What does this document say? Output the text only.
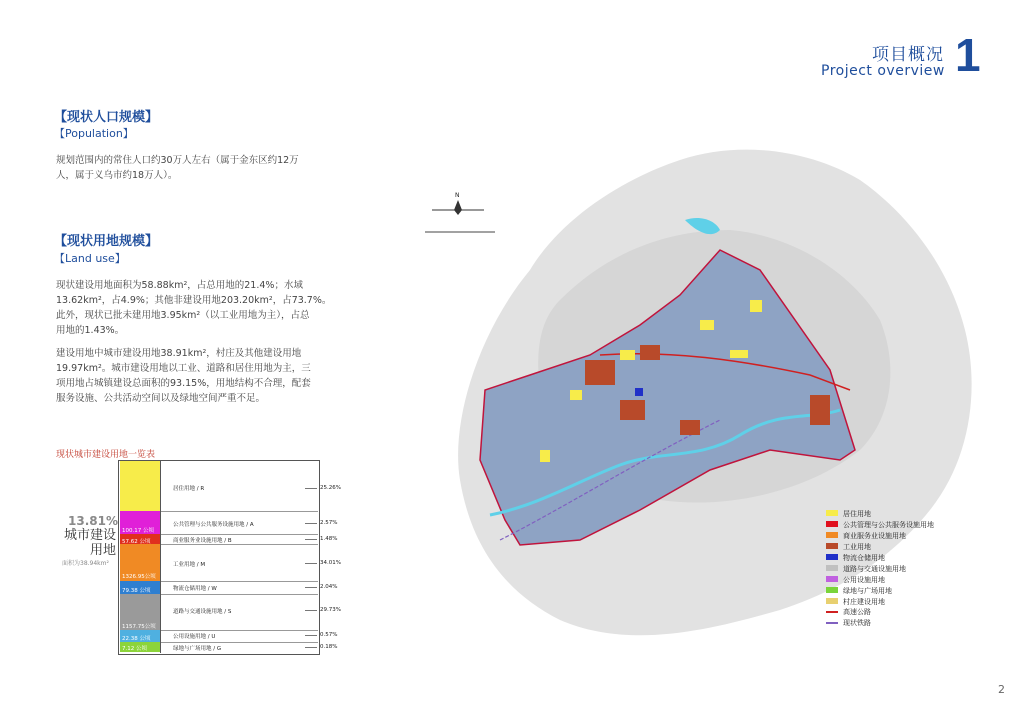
项目概况
Project overview 1
【现状人口规模】
【Population】
规划范围内的常住人口约30万人左右（属于金东区约12万
人，属于义乌市约18万人）。
【现状用地规模】
【Land use】
现状建设用地面积为58.88km²，占总用地的21.4%；水域
13.62km²，占4.9%；其他非建设用地203.20km²，占73.7%。
此外，现状已批未建用地3.95km²（以工业用地为主），占总
用地的1.43%。
建设用地中城市建设用地38.91km²，村庄及其他建设用地
19.97km²。城市建设用地以工业、道路和居住用地为主，三
项用地占城镇建设总面积的93.15%，用地结构不合理，配套
服务设施、公共活动空间以及绿地空间严重不足。
现状城市建设用地一览表
13.81%
城市建设
用地
面积为38.94km²
100.17 公顷
57.62 公顷
1326.95公顷
79.38 公顷
1157.75公顷
22.38 公顷
7.12 公顷
居住用地 / R
公共管理与公共服务设施用地 / A
商业服务业设施用地 / B
工业用地 / M
物流仓储用地 / W
道路与交通设施用地 / S
公用设施用地 / U
绿地与广场用地 / G
25.26%
2.57%
1.48%
34.01%
2.04%
29.73%
0.57%
0.18%
N
居住用地
公共管理与公共服务设施用地
商业服务业设施用地
工业用地
物流仓储用地
道路与交通设施用地
公用设施用地
绿地与广场用地
村庄建设用地
高速公路
现状铁路
2
